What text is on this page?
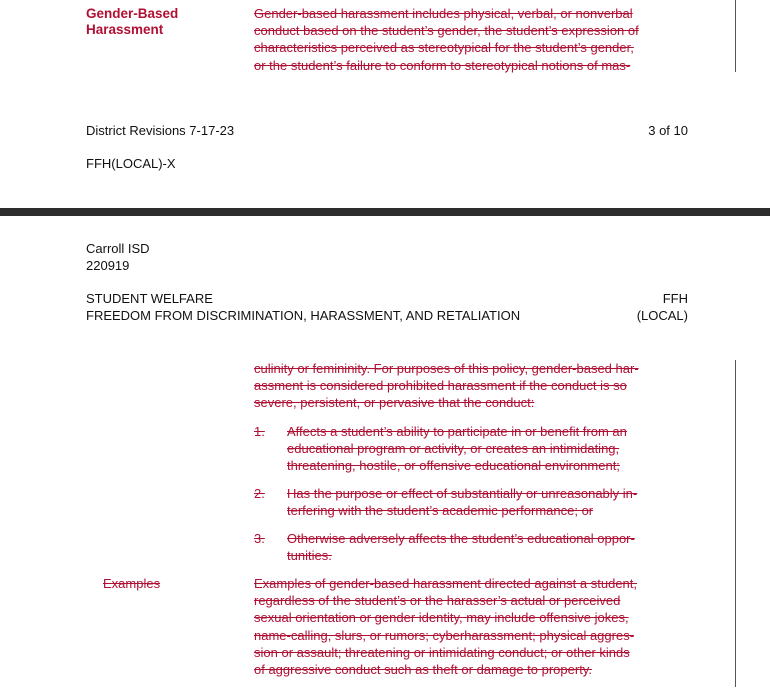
Gender-Based
Harassment
Gender-based harassment includes physical, verbal, or nonverbal
conduct based on the student’s gender, the student’s expression of
characteristics perceived as stereotypical for the student’s gender,
or the student’s failure to conform to stereotypical notions of mas-
District Revisions 7-17-23	3 of 10
FFH(LOCAL)-X
Carroll ISD
220919
STUDENT WELFARE
FREEDOM FROM DISCRIMINATION, HARASSMENT, AND RETALIATION
FFH
(LOCAL)
culinity or femininity. For purposes of this policy, gender-based har-
assment is considered prohibited harassment if the conduct is so
severe, persistent, or pervasive that the conduct:
1.	Affects a student’s ability to participate in or benefit from an
educational program or activity, or creates an intimidating,
threatening, hostile, or offensive educational environment;
2.	Has the purpose or effect of substantially or unreasonably in-
terfering with the student’s academic performance; or
3.	Otherwise adversely affects the student’s educational oppor-
tunities.
Examples	Examples of gender-based harassment directed against a student,
regardless of the student’s or the harasser’s actual or perceived
sexual orientation or gender identity, may include offensive jokes,
name-calling, slurs, or rumors; cyberharassment; physical aggres-
sion or assault; threatening or intimidating conduct; or other kinds
of aggressive conduct such as theft or damage to property.
